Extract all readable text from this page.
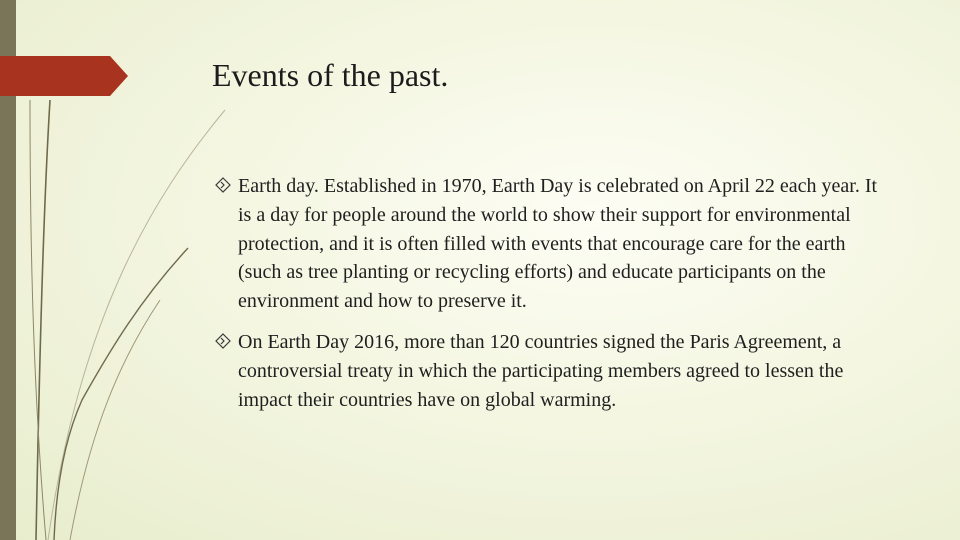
Events of the past.
Earth day. Established in 1970, Earth Day is celebrated on April 22 each year. It is a day for people around the world to show their support for environmental protection, and it is often filled with events that encourage care for the earth (such as tree planting or recycling efforts) and educate participants on the environment and how to preserve it.
On Earth Day 2016, more than 120 countries signed the Paris Agreement, a controversial treaty in which the participating members agreed to lessen the impact their countries have on global warming.
